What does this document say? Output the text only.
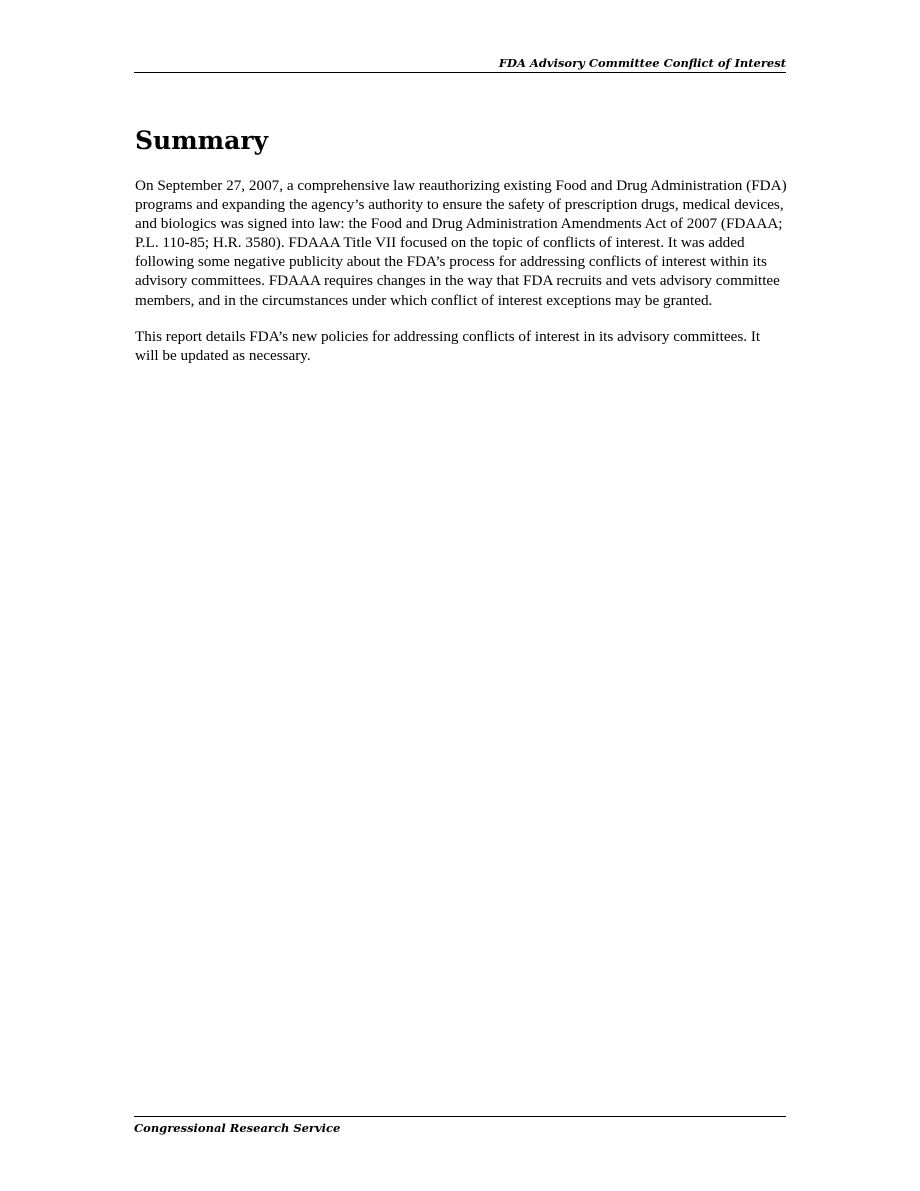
FDA Advisory Committee Conflict of Interest
Summary

On September 27, 2007, a comprehensive law reauthorizing existing Food and Drug Administration (FDA) programs and expanding the agency’s authority to ensure the safety of prescription drugs, medical devices, and biologics was signed into law: the Food and Drug Administration Amendments Act of 2007 (FDAAA; P.L. 110-85; H.R. 3580). FDAAA Title VII focused on the topic of conflicts of interest. It was added following some negative publicity about the FDA’s process for addressing conflicts of interest within its advisory committees. FDAAA requires changes in the way that FDA recruits and vets advisory committee members, and in the circumstances under which conflict of interest exceptions may be granted.

This report details FDA’s new policies for addressing conflicts of interest in its advisory committees. It will be updated as necessary.

Congressional Research Service
